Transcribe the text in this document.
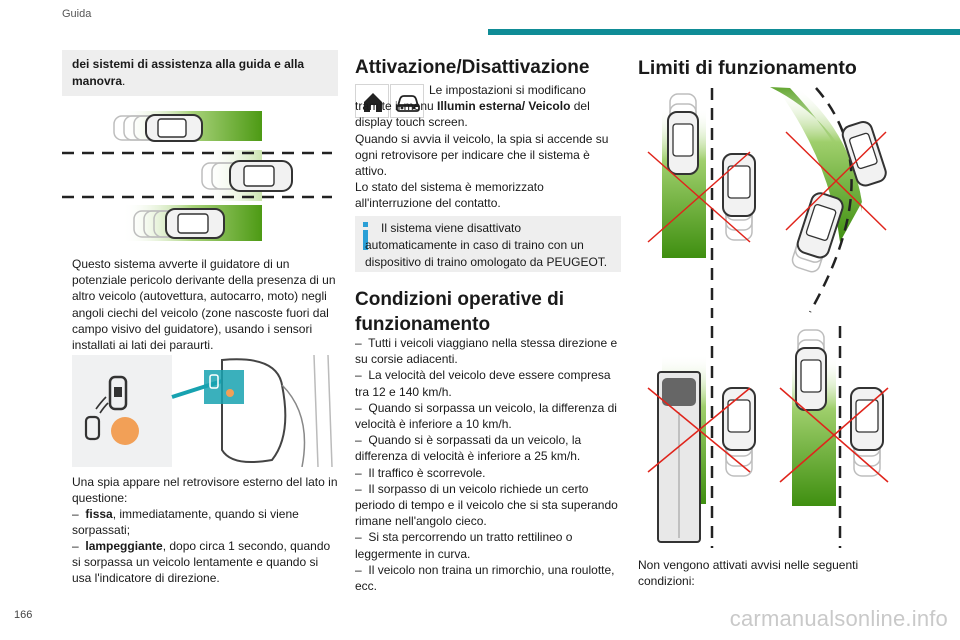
Guida
dei sistemi di assistenza alla guida e alla manovra.
Questo sistema avverte il guidatore di un potenziale pericolo derivante della presenza di un altro veicolo (autovettura, autocarro, moto) negli angoli ciechi del veicolo (zone nascoste fuori dal campo visivo del guidatore), usando i sensori installati ai lati dei paraurti.
Una spia appare nel retrovisore esterno del lato in questione:
– fissa, immediatamente, quando si viene sorpassati;
– lampeggiante, dopo circa 1 secondo, quando si sorpassa un veicolo lentamente e quando si usa l'indicatore di direzione.
Attivazione/Disattivazione
Le impostazioni si modificano tramite il menu Illumin esterna/ Veicolo del display touch screen.
Quando si avvia il veicolo, la spia si accende su ogni retrovisore per indicare che il sistema è attivo.
Lo stato del sistema è memorizzato all'interruzione del contatto.
Il sistema viene disattivato automaticamente in caso di traino con un dispositivo di traino omologato da PEUGEOT.
Condizioni operative di funzionamento
– Tutti i veicoli viaggiano nella stessa direzione e su corsie adiacenti.
– La velocità del veicolo deve essere compresa tra 12 e 140 km/h.
– Quando si sorpassa un veicolo, la differenza di velocità è inferiore a 10 km/h.
– Quando si è sorpassati da un veicolo, la differenza di velocità è inferiore a 25 km/h.
– Il traffico è scorrevole.
– Il sorpasso di un veicolo richiede un certo periodo di tempo e il veicolo che si sta superando rimane nell'angolo cieco.
– Si sta percorrendo un tratto rettilineo o leggermente in curva.
– Il veicolo non traina un rimorchio, una roulotte, ecc.
Limiti di funzionamento
Non vengono attivati avvisi nelle seguenti condizioni:
166	carmanualsonline.info
